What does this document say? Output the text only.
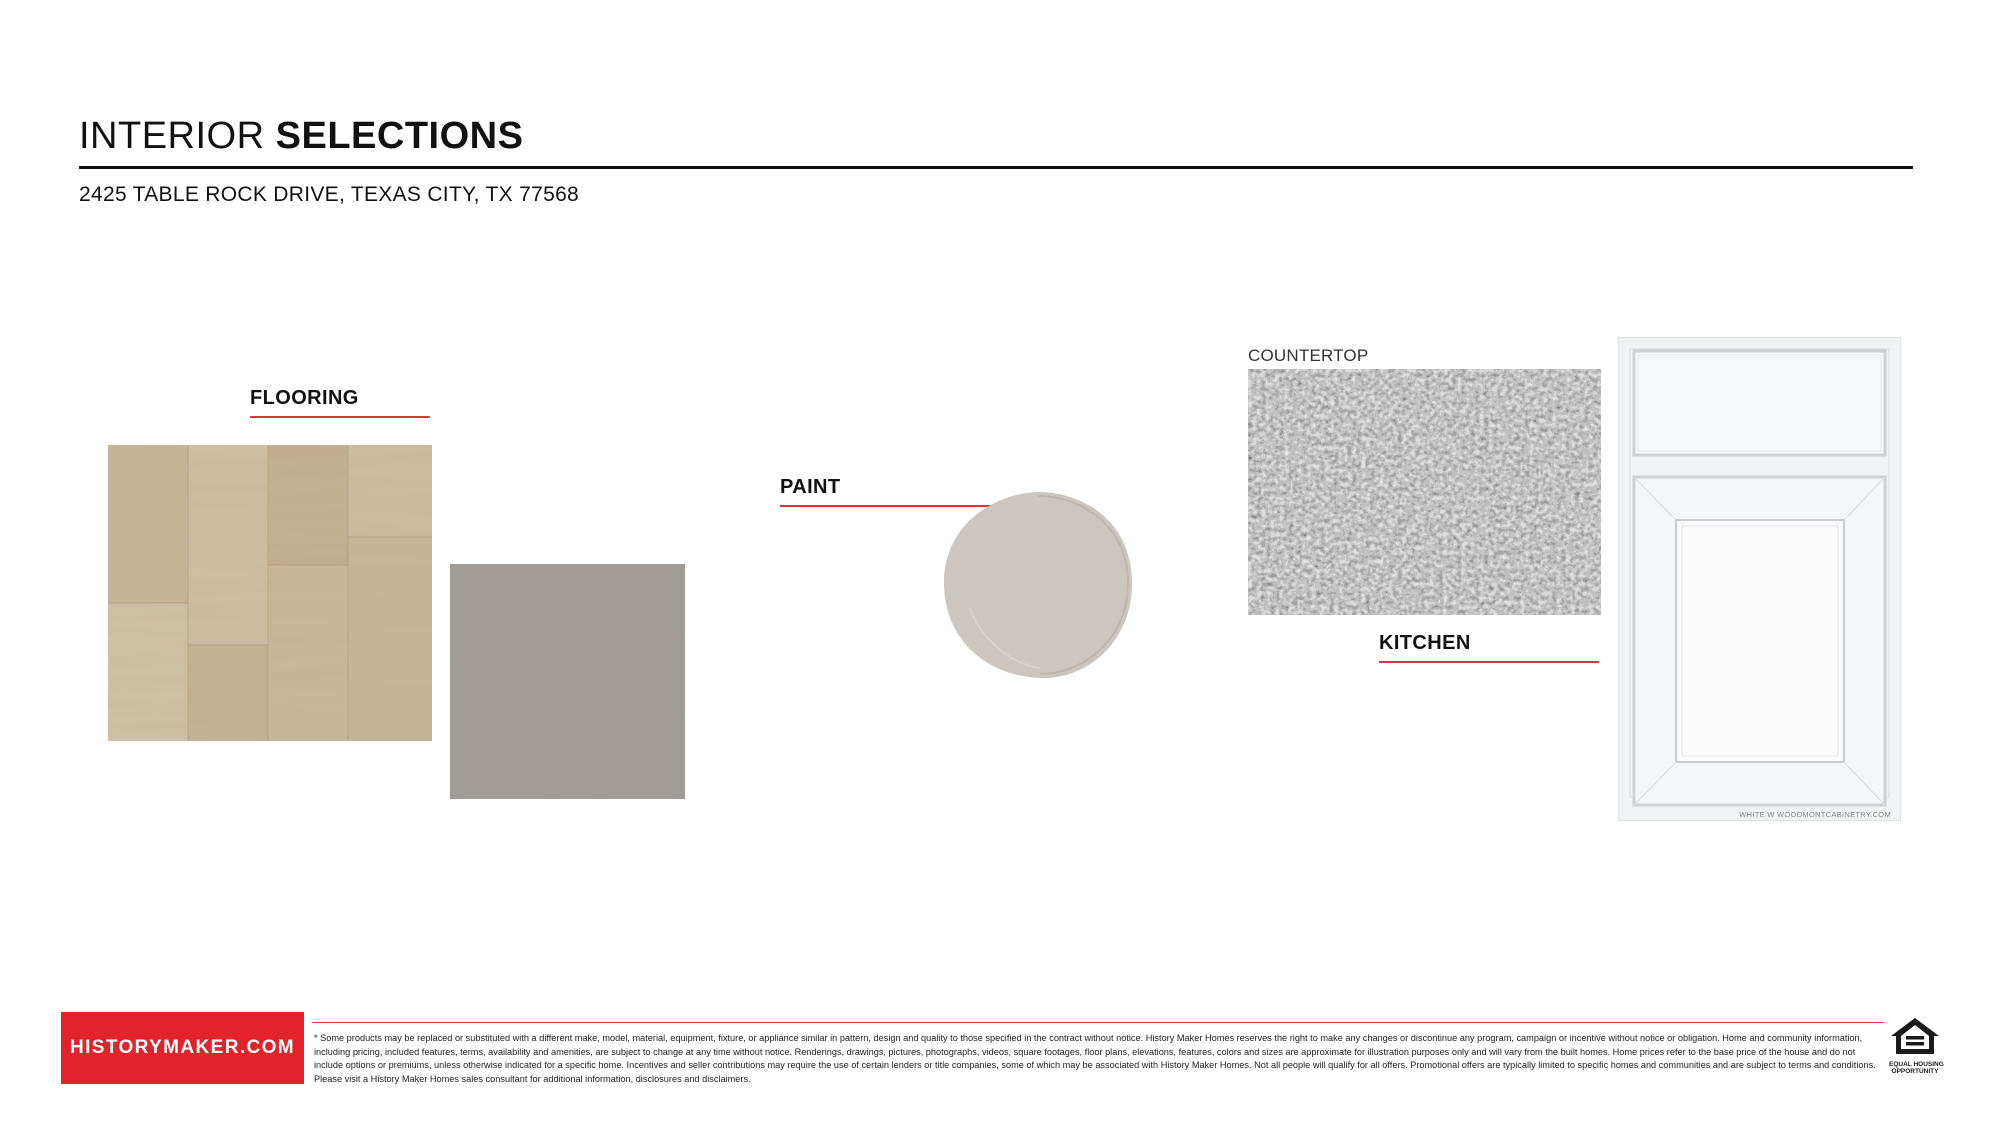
INTERIOR SELECTIONS
2425 TABLE ROCK DRIVE, TEXAS CITY, TX 77568
FLOORING
PAINT
COUNTERTOP
KITCHEN
WHITE W WOODMONTCABINETRY.COM
HISTORYMAKER.COM * Some products may be replaced or substituted with a different make, model, material, equipment, fixture, or appliance similar in pattern, design and quality to those specified in the contract without notice. History Maker Homes reserves the right to make any changes or discontinue any program, campaign or incentive without notice or obligation. Home and community information, including pricing, included features, terms, availability and amenities, are subject to change at any time without notice. Renderings, drawings, pictures, photographs, videos, square footages, floor plans, elevations, features, colors and sizes are approximate for illustration purposes only and will vary from the built homes. Home prices refer to the base price of the house and do not include options or premiums, unless otherwise indicated for a specific home. Incentives and seller contributions may require the use of certain lenders or title companies, some of which may be associated with History Maker Homes. Not all people will qualify for all offers. Promotional offers are typically limited to specific homes and communities and are subject to terms and conditions. Please visit a History Maker Homes sales consultant for additional information, disclosures and disclaimers.
EQUAL HOUSING
OPPORTUNITY
